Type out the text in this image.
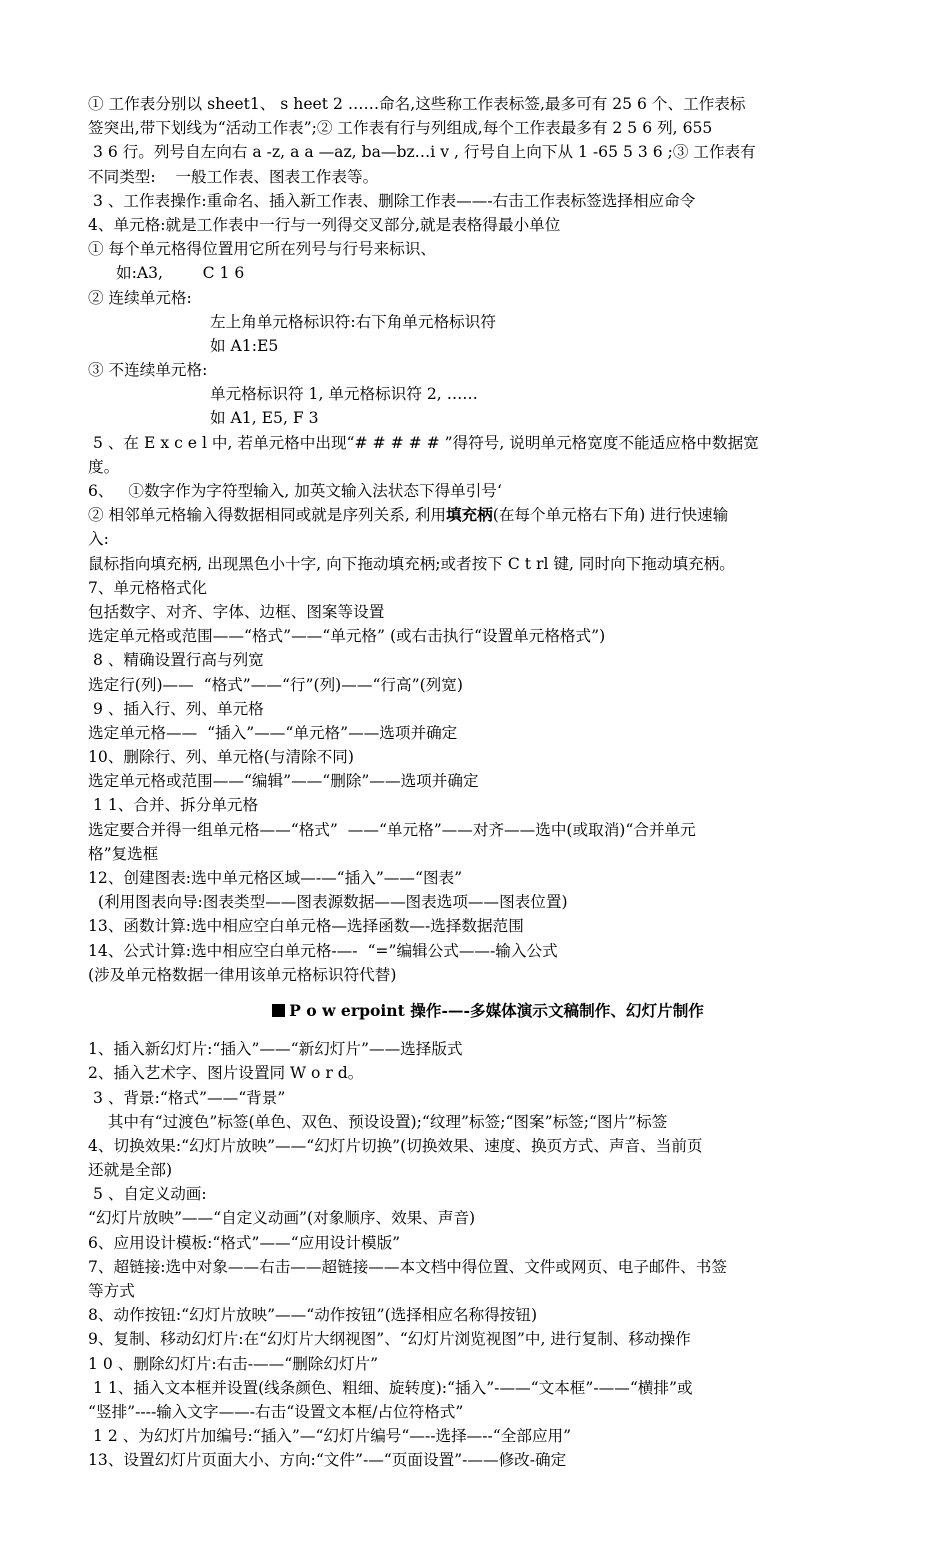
① 工作表分别以 sheet1、 s heet 2 ……命名,这些称工作表标签,最多可有 25 6 个、工作表标
签突出,带下划线为“活动工作表”;② 工作表有行与列组成,每个工作表最多有 2 5 6 列, 655
3 6 行。列号自左向右 a -z, a a —az, ba—bz…i v , 行号自上向下从 1 -65 5 3 6 ;③ 工作表有
不同类型:    一般工作表、图表工作表等。
3 、工作表操作:重命名、插入新工作表、删除工作表——-右击工作表标签选择相应命令
4、单元格:就是工作表中一行与一列得交叉部分,就是表格得最小单位
① 每个单元格得位置用它所在列号与行号来标识、
如:A3,        C 1 6
② 连续单元格:
左上角单元格标识符:右下角单元格标识符
如 A1:E5
③ 不连续单元格:
单元格标识符 1, 单元格标识符 2, ……
如 A1, E5, F 3
5 、在 E x c e l 中, 若单元格中出现“# # # # # ”得符号, 说明单元格宽度不能适应格中数据宽
度。
6、   ①数字作为字符型输入, 加英文输入法状态下得单引号‘
② 相邻单元格输入得数据相同或就是序列关系, 利用填充柄(在每个单元格右下角) 进行快速输
入:
鼠标指向填充柄, 出现黑色小十字, 向下拖动填充柄;或者按下 C t rl 键, 同时向下拖动填充柄。
7、单元格格式化
包括数字、对齐、字体、边框、图案等设置
选定单元格或范围——“格式”——“单元格” (或右击执行“设置单元格格式”)
8 、精确设置行高与列宽
选定行(列)——  “格式”——“行”(列)——“行高”(列宽)
9 、插入行、列、单元格
选定单元格——  “插入”——“单元格”——选项并确定
10、删除行、列、单元格(与清除不同)
选定单元格或范围——“编辑”——“删除”——选项并确定
1 1、合并、拆分单元格
选定要合并得一组单元格——“格式”  ——“单元格”——对齐——选中(或取消)“合并单元
格”复选框
12、创建图表:选中单元格区域—-—“插入”——“图表”
(利用图表向导:图表类型——图表源数据——图表选项——图表位置)
13、函数计算:选中相应空白单元格—选择函数—-选择数据范围
14、公式计算:选中相应空白单元格-—-  “=”编辑公式——-输入公式
(涉及单元格数据一律用该单元格标识符代替)
P o w erpoint 操作-—-多媒体演示文稿制作、幻灯片制作
1、插入新幻灯片:“插入”——“新幻灯片”——选择版式
2、插入艺术字、图片设置同 W o r d。
3 、背景:“格式”——“背景”
其中有“过渡色”标签(单色、双色、预设设置);“纹理”标签;“图案”标签;“图片”标签
4、切换效果:“幻灯片放映”——“幻灯片切换”(切换效果、速度、换页方式、声音、当前页
还就是全部)
5 、自定义动画:
“幻灯片放映”——“自定义动画”(对象顺序、效果、声音)
6、应用设计模板:“格式”——“应用设计模版”
7、超链接:选中对象——右击——超链接——本文档中得位置、文件或网页、电子邮件、书签
等方式
8、动作按钮:“幻灯片放映”——“动作按钮”(选择相应名称得按钮)
9、复制、移动幻灯片:在“幻灯片大纲视图”、“幻灯片浏览视图”中, 进行复制、移动操作
1 0 、删除幻灯片:右击-——“删除幻灯片”
1 1、插入文本框并设置(线条颜色、粗细、旋转度):“插入”-——“文本框”-——“横排”或
“竖排”----输入文字——-右击“设置文本框/占位符格式”
1 2 、为幻灯片加编号:“插入”—“幻灯片编号“—--选择—--“全部应用”
13、设置幻灯片页面大小、方向:“文件”-—“页面设置”-——修改-确定
